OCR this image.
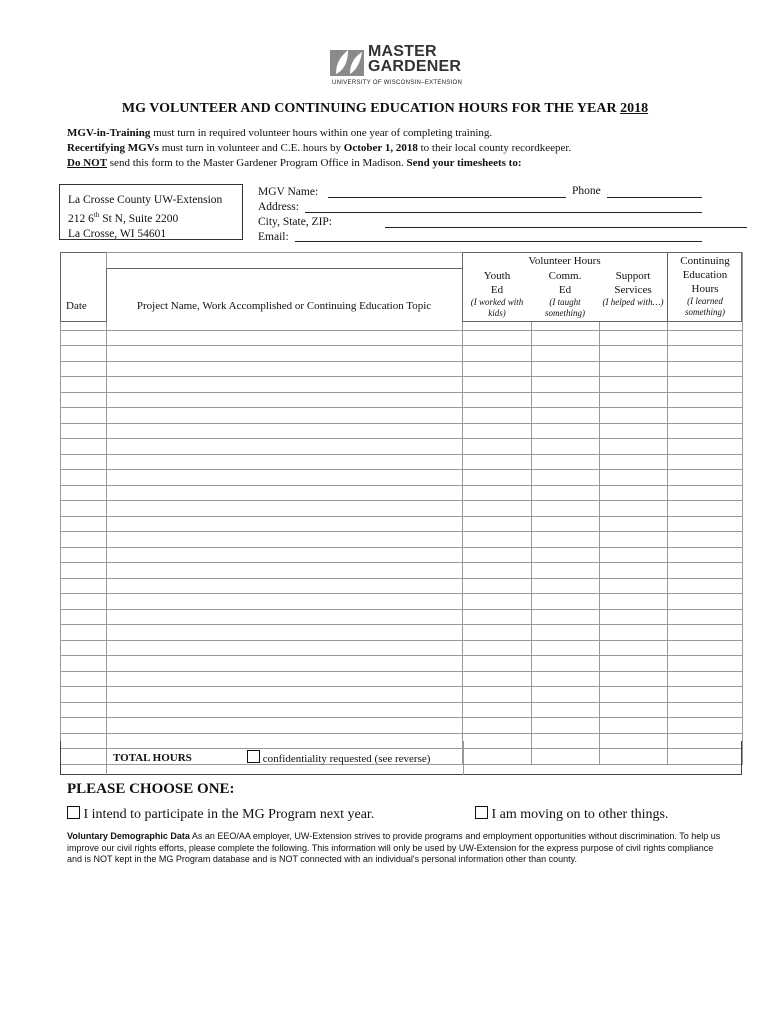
MASTER
GARDENER
UNIVERSITY OF WISCONSIN–EXTENSION
MG VOLUNTEER AND CONTINUING EDUCATION HOURS FOR THE YEAR 2018
MGV-in-Training must turn in required volunteer hours within one year of completing training.
Recertifying MGVs must turn in volunteer and C.E. hours by October 1, 2018 to their local county recordkeeper.
Do NOT send this form to the Master Gardener Program Office in Madison. Send your timesheets to:
La Crosse County UW-Extension
212 6th St N, Suite 2200
La Crosse, WI 54601
MGV Name:
Address:
City, State, ZIP:
Email:
Phone

Date	Project Name, Work Accomplished or Continuing Education Topic
Volunteer Hours
Youth
Ed
(I worked with kids)
Comm.
Ed
(I taught something)
Support
Services
(I helped with…)
Continuing
Education
Hours
(I learned something)
TOTAL HOURS	confidentiality requested (see reverse)
PLEASE CHOOSE ONE:
I intend to participate in the MG Program next year.	I am moving on to other things.
Voluntary Demographic Data As an EEO/AA employer, UW-Extension strives to provide programs and employment opportunities without discrimination. To help us improve our civil rights efforts, please complete the following. This information will only be used by UW-Extension for the express purpose of civil rights compliance and is NOT kept in the MG Program database and is NOT connected with an individual's personal information other than county.
